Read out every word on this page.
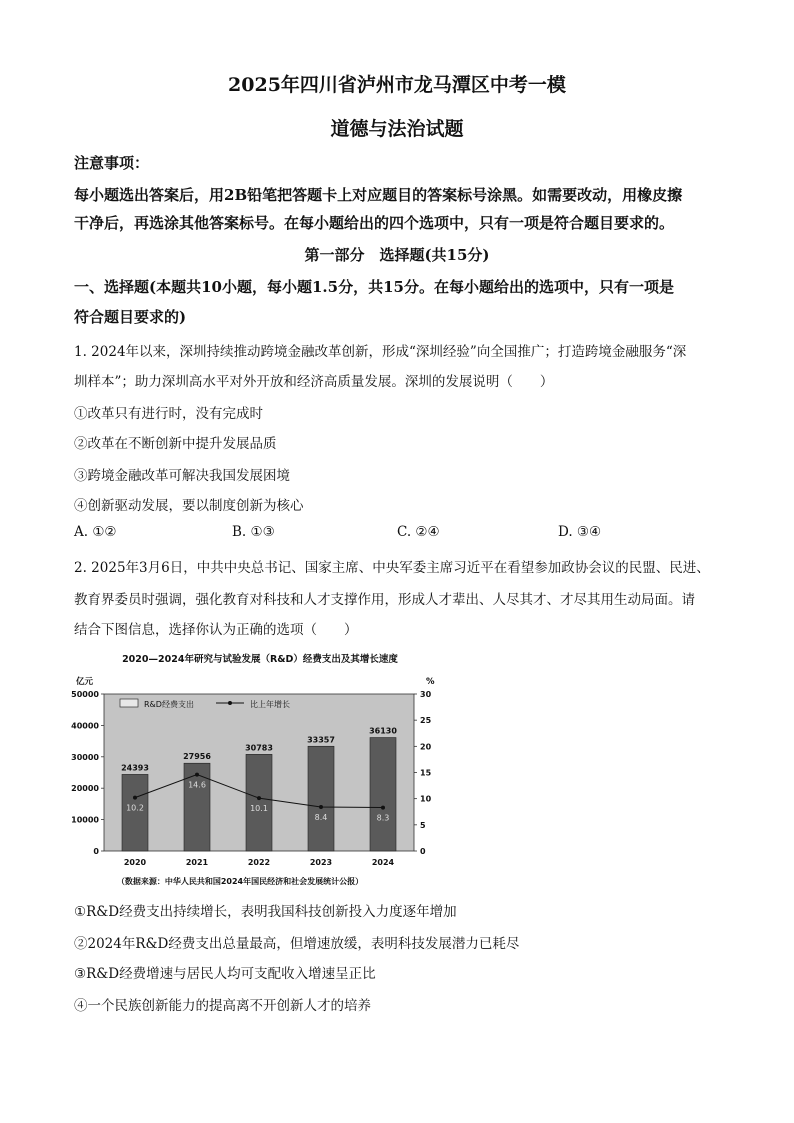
2025年四川省泸州市龙马潭区中考一模
道德与法治试题
注意事项：
每小题选出答案后，用2B铅笔把答题卡上对应题目的答案标号涂黑。如需要改动，用橡皮擦
干净后，再选涂其他答案标号。在每小题给出的四个选项中，只有一项是符合题目要求的。
第一部分　选择题(共15分)
一、选择题(本题共10小题，每小题1.5分，共15分。在每小题给出的选项中，只有一项是
符合题目要求的)
1. 2024年以来，深圳持续推动跨境金融改革创新，形成“深圳经验”向全国推广；打造跨境金融服务“深
圳样本”；助力深圳高水平对外开放和经济高质量发展。深圳的发展说明（　　）
①改革只有进行时，没有完成时
②改革在不断创新中提升发展品质
③跨境金融改革可解决我国发展困境
④创新驱动发展，要以制度创新为核心
A. ①②	B. ①③	C. ②④	D. ③④
2. 2025年3月6日，中共中央总书记、国家主席、中央军委主席习近平在看望参加政协会议的民盟、民进、
教育界委员时强调，强化教育对科技和人才支撑作用，形成人才辈出、人尽其才、才尽其用生动局面。请
结合下图信息，选择你认为正确的选项（　　）
2020—2024年研究与试验发展（R&D）经费支出及其增长速度
亿元	%
0
10000
20000
30000
40000
50000
0
5
10
15
20
25
30
24393
27956
30783
33357
36130
10.2
14.6
10.1
8.4	8.3
R&D经费支出	比上年增长
2020	2021	2022	2023	2024
（数据来源：中华人民共和国2024年国民经济和社会发展统计公报）
①R&D经费支出持续增长，表明我国科技创新投入力度逐年增加
②2024年R&D经费支出总量最高，但增速放缓，表明科技发展潜力已耗尽
③R&D经费增速与居民人均可支配收入增速呈正比
④一个民族创新能力的提高离不开创新人才的培养
